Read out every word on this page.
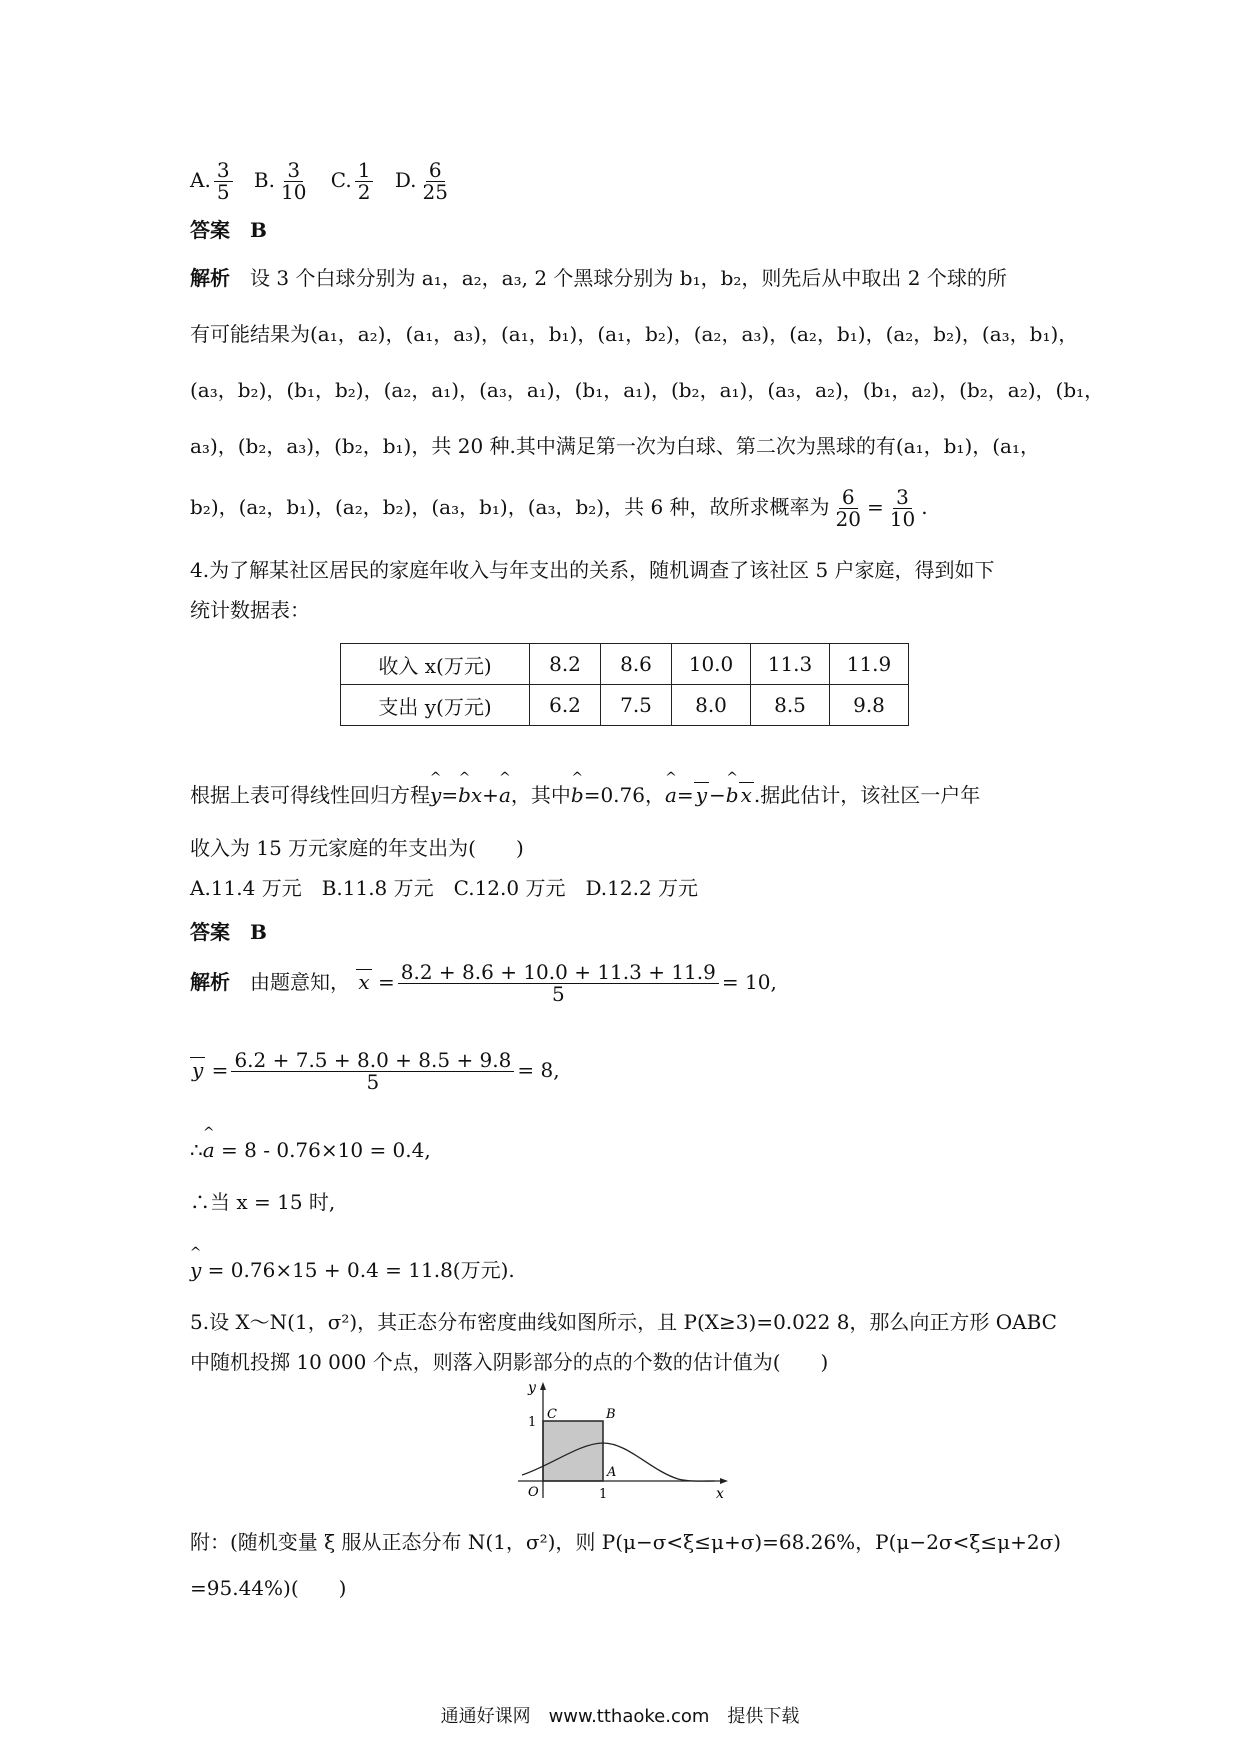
A. $\frac{3}{5} B$. $\frac{3}{10} C$. $\frac{1}{2} D$. $\frac{6}{25}$
答案　 B
解析　 设 3 个白球分别为 a₁，a₂，a₃, 2 个黑球分别为 b₁，b₂，则先后从中取出 2 个球的所
有可能结果为(a₁，a₂)，(a₁，a₃)，(a₁，b₁)，(a₁，b₂)，(a₂，a₃)，(a₂，b₁)，(a₂，b₂)，(a₃，b₁)，
(a₃，b₂)，(b₁，b₂)，(a₂，a₁)，(a₃，a₁)，(b₁，a₁)，(b₂，a₁)，(a₃，a₂)，(b₁，a₂)，(b₂，a₂)，(b₁，
a₃)，(b₂，a₃)，(b₂，b₁)，共 20 种.其中满足第一次为白球、第二次为黑球的有(a₁，b₁)，(a₁，
b₂)，(a₂，b₁)，(a₂，b₂)，(a₃，b₁)，(a₃，b₂)，共 6 种，故所求概率为 $\frac{6}{20} = \frac{3}{10}$ .
4.为了解某社区居民的家庭年收入与年支出的关系，随机调查了该社区 5 户家庭，得到如下
统计数据表：
收入 x(万元)	8.2	8.6	10.0	11.3	11.9
支出 y(万元)	6.2	7.5	8.0	8.5	9.8
根据上表可得线性回归方程^ y=^ bx+^ a，其中^ b=0.76，^ a= y −^ b x .据此估计，该社区一户年
收入为 15 万元家庭的年支出为(　　)
A.11.4 万元　B.11.8 万元　C.12.0 万元　D.12.2 万元
答案　 B
解析　 由题意知， $x = \frac{8.2 + 8.6 + 10.0 + 11.3 + 11.9}{5} = 10$,
$y = \frac{6.2 + 7.5 + 8.0 + 8.5 + 9.8}{5} = 8$,
∴^ a = 8 - 0.76×10 = 0.4,
∴当 x = 15 时,
^ y = 0.76×15 + 0.4 = 11.8(万元).
5.设 X～N(1，σ²)，其正态分布密度曲线如图所示，且 P(X≥3)=0.022 8，那么向正方形 OABC
中随机投掷 10 000 个点，则落入阴影部分的点的个数的估计值为(　　)
y
x
O
1
1
A
B
C
附：(随机变量 ξ 服从正态分布 N(1，σ²)，则 P(μ−σ<ξ≤μ+σ)=68.26%，P(μ−2σ<ξ≤μ+2σ)
=95.44%)(　　)
通通好课网　www.tthaoke.com　提供下载
